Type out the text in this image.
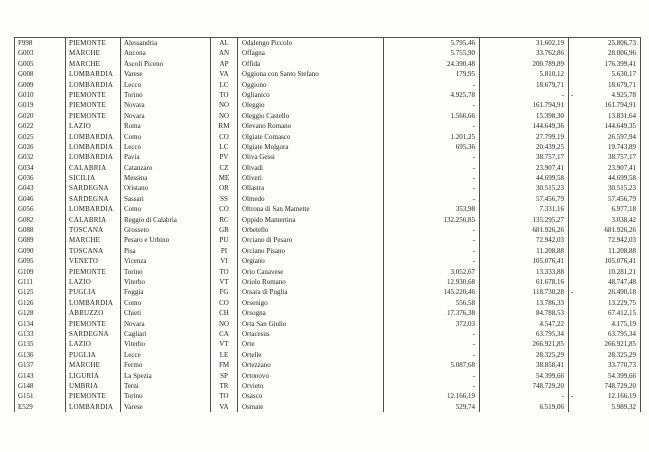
F998	PIEMONTE	Alessandria	AL	Odalengo Piccolo	5.795,46	31.602,19	25.806,73
G003	MARCHE	Ancona	AN	Offagna	5.755,90	33.762,86	28.006,96
G005	MARCHE	Ascoli Piceno	AP	Offida	24.390,48	200.789,89	176.399,41
G008	LOMBARDIA	Varese	VA	Oggiona con Santo Stefano	179,95	5.810,12	5.630,17
G009	LOMBARDIA	Lecco	LC	Oggiono	-	18.679,71	18.679,71
G010	PIEMONTE	Torino	TO	Oglianico	4.925,78	-	-	4.925,78
G019	PIEMONTE	Novara	NO	Oleggio	-	161.794,91	161.794,91
G020	PIEMONTE	Novara	NO	Oleggio Castello	1.566,66	15.398,30	13.831,64
G022	LAZIO	Roma	RM	Olevano Romano	-	144.649,36	144.649,35
G025	LOMBARDIA	Como	CO	Olgiate Comasco	1.201,25	27.799,19	26.597,94
G026	LOMBARDIA	Lecco	LC	Olgiate Molgora	695,36	20.439,25	19.743,89
G032	LOMBARDIA	Pavia	PV	Oliva Gessi	-	38.757,17	38.757,17
G034	CALABRIA	Catanzaro	CZ	Olivadi	-	23.907,41	23.907,41
G036	SICILIA	Messina	ME	Oliveri	-	44.699,58	44.699,58
G043	SARDEGNA	Oristano	OR	Ollastra	-	30.515,23	30.515,23
G046	SARDEGNA	Sassari	SS	Olmedo	-	57.456,79	57.456,79
G056	LOMBARDIA	Como	CO	Oltrona di San Mamette	353,98	7.331,16	6.977,18
G082	CALABRIA	Reggio di Calabria	RC	Oppido Mamertina	132.256,85	135.295,27	3.038,42
G088	TOSCANA	Grosseto	GR	Orbetello	-	681.926,26	681.926,26
G089	MARCHE	Pesaro e Urbino	PU	Orciano di Pesaro	-	72.942,03	72.942,03
G090	TOSCANA	Pisa	PI	Orciano Pisano	-	11.208,88	11.208,88
G095	VENETO	Vicenza	VI	Orgiano	-	105.076,41	105.076,41
G109	PIEMONTE	Torino	TO	Orio Canavese	3.052,67	13.333,88	10.281,21
G111	LAZIO	Viterbo	VT	Oriolo Romano	12.930,68	61.678,16	48.747,48
G125	PUGLIA	Foggia	FG	Orsara di Puglia	145.220,46	118.730,28	-	26.490,18
G126	LOMBARDIA	Como	CO	Orsenigo	556,58	13.786,33	13.229,75
G128	ABRUZZO	Chieti	CH	Orsogna	17.376,38	84.788,53	67.412,15
G134	PIEMONTE	Novara	NO	Orta San Giulio	372,03	4.547,22	4.175,19
G133	SARDEGNA	Cagliari	CA	Ortacesus	-	63.795,34	63.795,34
G135	LAZIO	Viterbo	VT	Orte	-	266.921,85	266.921,85
G136	PUGLIA	Lecce	LE	Ortelle	-	28.325,29	28.325,29
G137	MARCHE	Fermo	FM	Ortezzano	5.087,68	38.858,41	33.770,73
G143	LIGURIA	La Spezia	SP	Ortonovo	-	54.399,66	54.399,66
G148	UMBRIA	Terni	TR	Orvieto	-	748.729,20	748.729,20
G151	PIEMONTE	Torino	TO	Osasco	12.166,19	-	-	12.166,19
E529	LOMBARDIA	Varese	VA	Osmate	529,74	6.519,06	5.989,32
